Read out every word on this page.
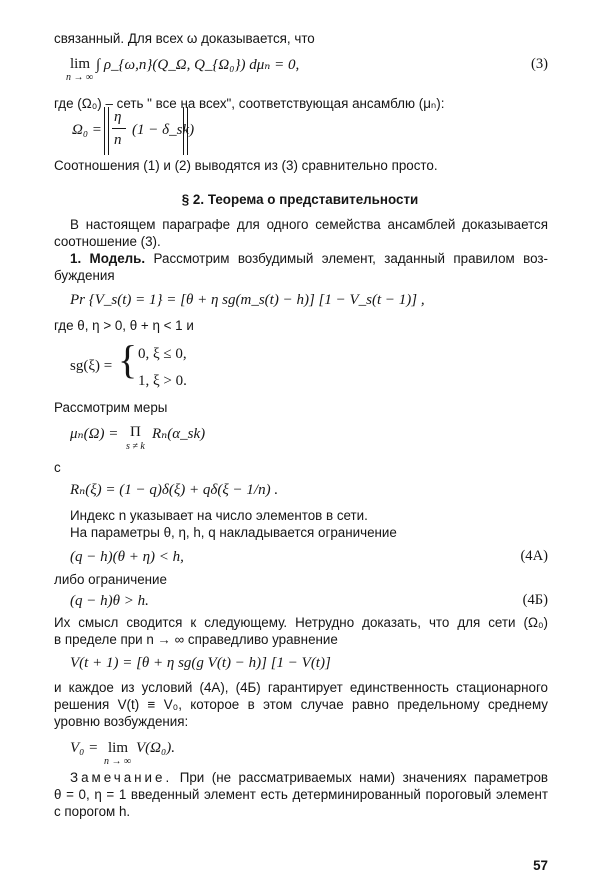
связанный. Для всех ω доказывается, что
lim
n → ∞
∫ ρ_{ω,n}(Q_Ω, Q_{Ω₀}) dμₙ = 0,	(3)
где (Ω₀) – сеть " все на всех", соответствующая ансамблю (μₙ):
Ω₀ =
η
n
(1 − δ_sk)
Соотношения (1) и (2) выводятся из (3) сравнительно просто.
§ 2. Теорема о представительности
В настоящем параграфе для одного семейства ансамблей доказывается
соотношение (3).
1. Модель. Рассмотрим возбудимый элемент, заданный правилом воз-
буждения
Pr {V_s(t) = 1} = [θ + η sg(m_s(t) − h)] [1 − V_s(t − 1)] ,
где θ, η > 0, θ + η < 1 и
sg(ξ) = { 0, ξ ≤ 0,
1, ξ > 0.
Рассмотрим меры
μₙ(Ω) = Π
s ≠ k
Rₙ(α_sk)
с
Rₙ(ξ) = (1 − q)δ(ξ) + qδ(ξ − 1/n) .
Индекс n указывает на число элементов в сети.
На параметры θ, η, h, q накладывается ограничение
(q − h)(θ + η) < h,	(4А)
либо ограничение
(q − h)θ > h.	(4Б)
Их смысл сводится к следующему. Нетрудно доказать, что для сети (Ω₀)
в пределе при n → ∞ справедливо уравнение
V(t + 1) = [θ + η sg(g V(t) − h)] [1 − V(t)]
и каждое из условий (4А), (4Б) гарантирует единственность стационарного
решения V(t) ≡ V₀, которое в этом случае равно предельному среднему
уровню возбуждения:
V₀ = lim
n → ∞
V(Ω₀).
Замечание. При (не рассматриваемых нами) значениях параметров
θ = 0, η = 1 введенный элемент есть детерминированный пороговый элемент
с порогом h.
57
